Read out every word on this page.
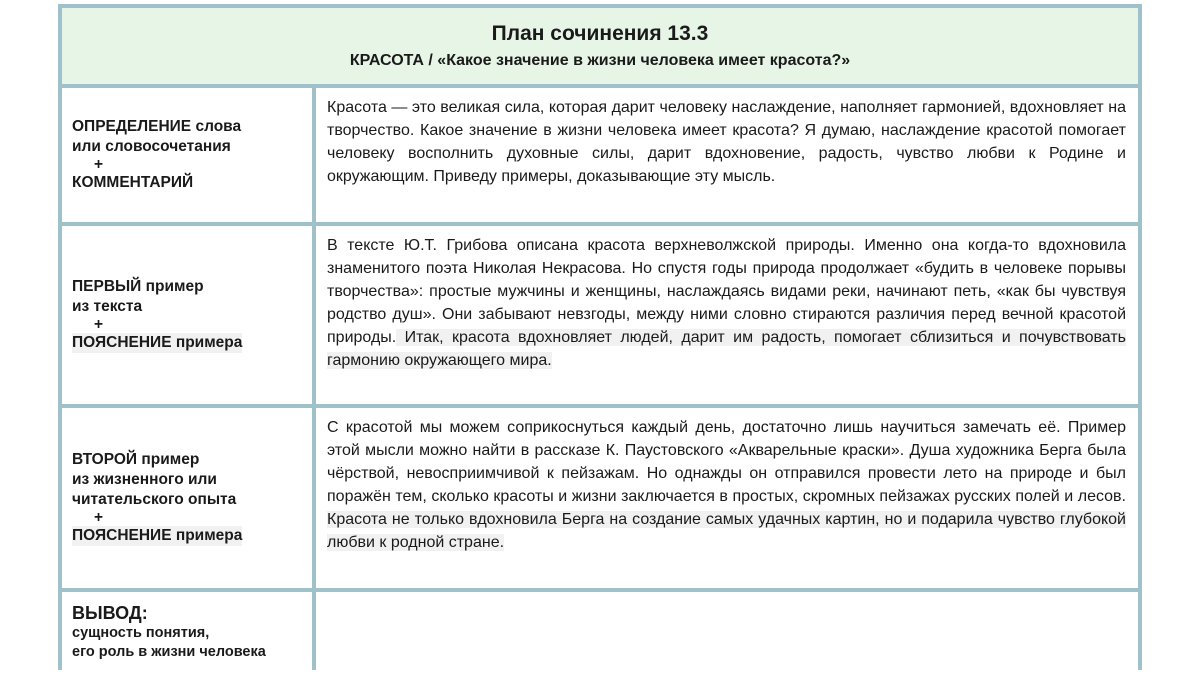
План сочинения 13.3
КРАСОТА / «Какое значение в жизни человека имеет красота?»
ОПРЕДЕЛЕНИЕ слова
или словосочетания
+
КОММЕНТАРИЙ
Красота — это великая сила, которая дарит человеку наслаждение, наполняет гармонией, вдохновляет на творчество. Какое значение в жизни человека имеет красота? Я думаю, наслаждение красотой помогает человеку восполнить духовные силы, дарит вдохновение, радость, чувство любви к Родине и окружающим. Приведу примеры, доказывающие эту мысль.
ПЕРВЫЙ пример
из текста
+
ПОЯСНЕНИЕ примера
В тексте Ю.Т. Грибова описана красота верхневолжской природы. Именно она когда-то вдохновила знаменитого поэта Николая Некрасова. Но спустя годы природа продолжает «будить в человеке порывы творчества»: простые мужчины и женщины, наслаждаясь видами реки, начинают петь, «как бы чувствуя родство душ». Они забывают невзгоды, между ними словно стираются различия перед вечной красотой природы. Итак, красота вдохновляет людей, дарит им радость, помогает сблизиться и почувствовать гармонию окружающего мира.
ВТОРОЙ пример
из жизненного или
читательского опыта
+
ПОЯСНЕНИЕ примера
С красотой мы можем соприкоснуться каждый день, достаточно лишь научиться замечать её. Пример этой мысли можно найти в рассказе К. Паустовского «Акварельные краски». Душа художника Берга была чёрствой, невосприимчивой к пейзажам. Но однажды он отправился провести лето на природе и был поражён тем, сколько красоты и жизни заключается в простых, скромных пейзажах русских полей и лесов. Красота не только вдохновила Берга на создание самых удачных картин, но и подарила чувство глубокой любви к родной стране.
ВЫВОД:
сущность понятия,
его роль в жизни человека
